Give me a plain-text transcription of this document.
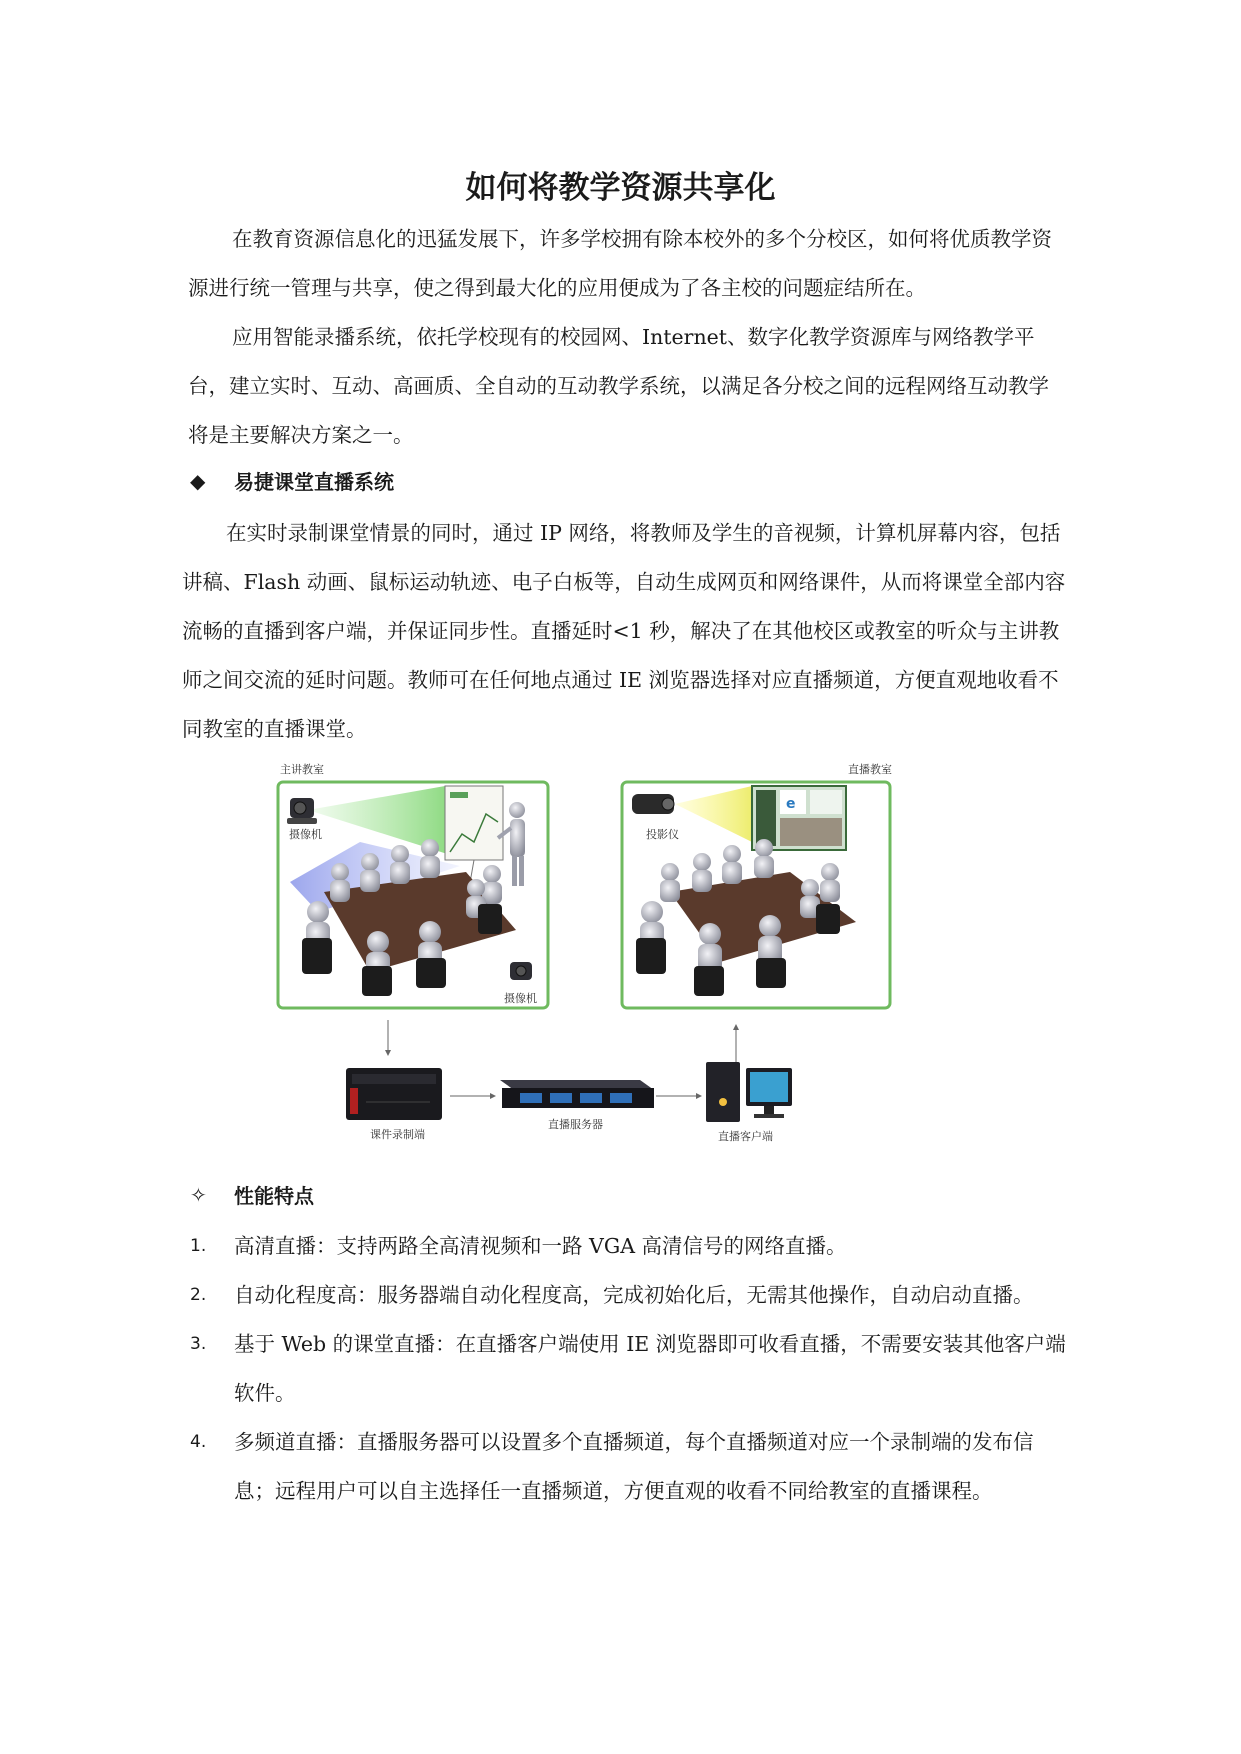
如何将教学资源共享化

在教育资源信息化的迅猛发展下，许多学校拥有除本校外的多个分校区，如何将优质教学资源进行统一管理与共享，使之得到最大化的应用便成为了各主校的问题症结所在。

应用智能录播系统，依托学校现有的校园网、Internet、数字化教学资源库与网络教学平台，建立实时、互动、高画质、全自动的互动教学系统，以满足各分校之间的远程网络互动教学将是主要解决方案之一。

◆	易捷课堂直播系统

在实时录制课堂情景的同时，通过 IP 网络，将教师及学生的音视频，计算机屏幕内容，包括讲稿、Flash 动画、鼠标运动轨迹、电子白板等，自动生成网页和网络课件，从而将课堂全部内容流畅的直播到客户端，并保证同步性。直播延时<1 秒，解决了在其他校区或教室的听众与主讲教师之间交流的延时问题。教师可在任何地点通过 IE 浏览器选择对应直播频道，方便直观地收看不同教室的直播课堂。

主讲教室
摄像机
摄像机
直播教室
e
投影仪
课件录制端
直播服务器
直播客户端
✧	性能特点
1.	高清直播：支持两路全高清视频和一路 VGA 高清信号的网络直播。
2.	自动化程度高：服务器端自动化程度高，完成初始化后，无需其他操作，自动启动直播。
3.	基于 Web 的课堂直播：在直播客户端使用 IE 浏览器即可收看直播，不需要安装其他客户端软件。
4.	多频道直播：直播服务器可以设置多个直播频道，每个直播频道对应一个录制端的发布信息；远程用户可以自主选择任一直播频道，方便直观的收看不同给教室的直播课程。
